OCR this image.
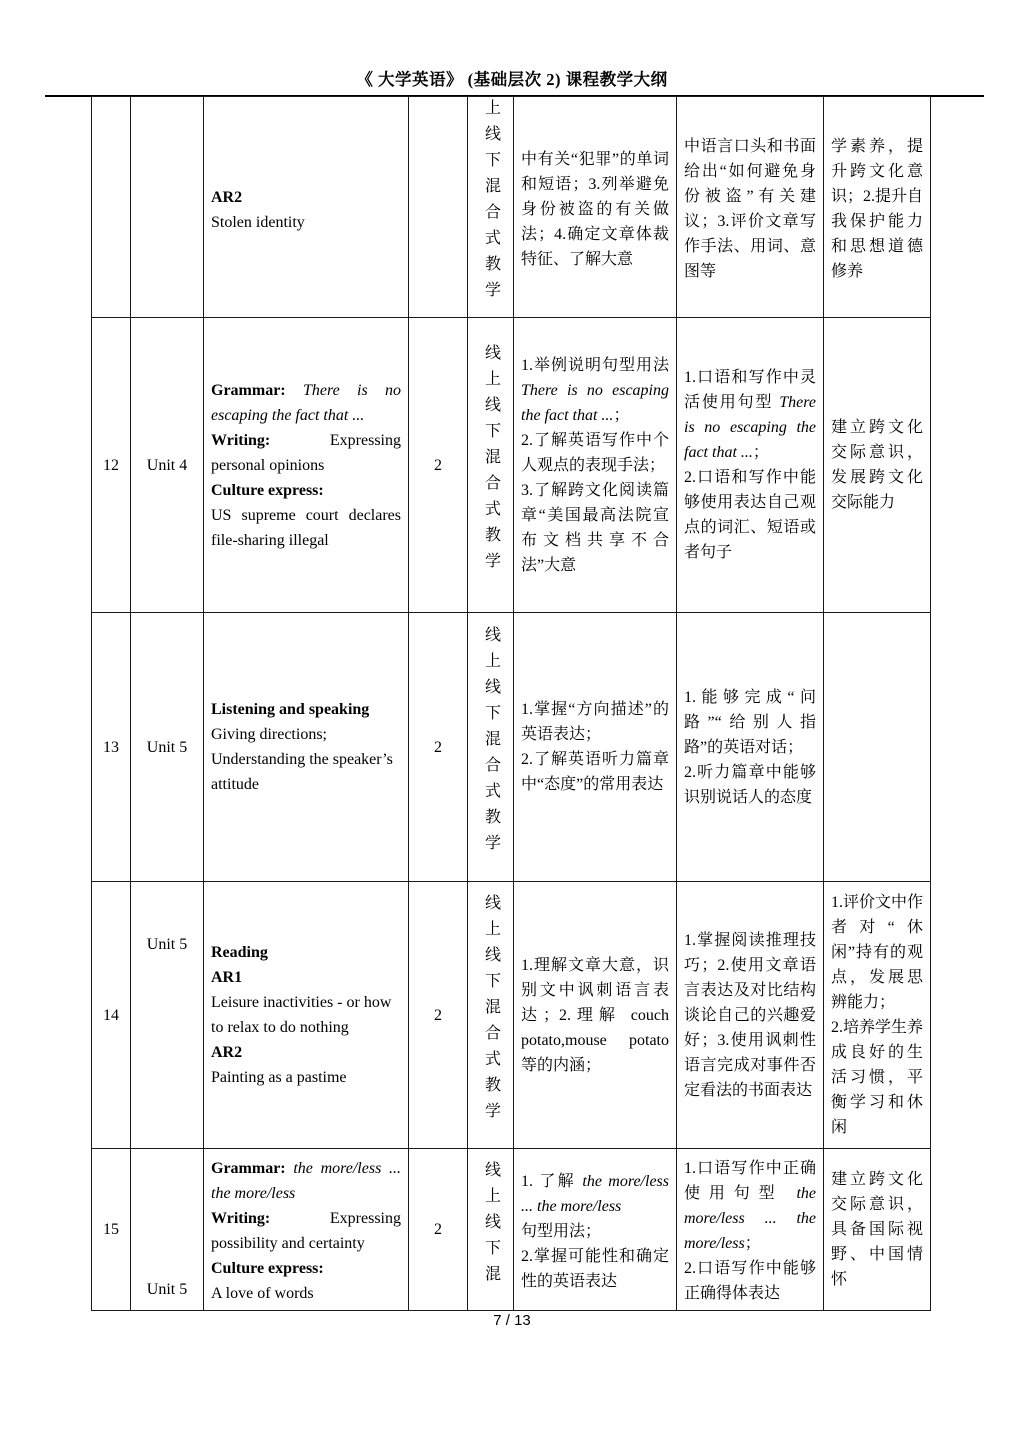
《 大学英语》 (基础层次 2) 课程教学大纲
		AR2
Stolen identity		上线下混合式教学	中有关“犯罪”的单词和短语；3.列举避免身份被盗的有关做法；4.确定文章体裁特征、了解大意	中语言口头和书面给出“如何避免身份被盗”有关建议；3.评价文章写作手法、用词、意图等	学素养，提升跨文化意识；2.提升自我保护能力和思想道德修养
12	Unit 4	Grammar: There is no escaping the fact that ...
Writing: Expressing personal opinions
Culture express:
US supreme court declares file-sharing illegal	2	线上线下混合式教学	1.举例说明句型用法 There is no escaping the fact that ...；
2.了解英语写作中个人观点的表现手法；
3.了解跨文化阅读篇章“美国最高法院宣布文档共享不合法”大意	1.口语和写作中灵活使用句型 There is no escaping the fact that ...；
2.口语和写作中能够使用表达自己观点的词汇、短语或者句子	建立跨文化交际意识，发展跨文化交际能力
13	Unit 5	Listening and speaking
Giving directions;
Understanding the speaker’s attitude	2	线上线下混合式教学	1.掌握“方向描述”的英语表达；
2.了解英语听力篇章中“态度”的常用表达	1.能够完成“问路”“给别人指路”的英语对话；
2.听力篇章中能够识别说话人的态度	
14	Unit 5	Reading
AR1
Leisure inactivities - or how to relax to do nothing
AR2
Painting as a pastime	2	线上线下混合式教学	1.理解文章大意，识别文中讽刺语言表达；2.理解 couch potato,mouse potato 等的内涵；	1.掌握阅读推理技巧；2.使用文章语言表达及对比结构谈论自己的兴趣爱好；3.使用讽刺性语言完成对事件否定看法的书面表达	1.评价文中作者对“休闲”持有的观点，发展思辨能力；
2.培养学生养成良好的生活习惯，平衡学习和休闲
15	Unit 5	Grammar: the more/less ... the more/less
Writing: Expressing possibility and certainty
Culture express:
A love of words	2	线上线下混	1. 了解 the more/less ... the more/less
句型用法；
2.掌握可能性和确定性的英语表达	1.口语写作中正确使用句型 the more/less ... the more/less；
2.口语写作中能够正确得体表达	建立跨文化交际意识，具备国际视野、中国情怀
7 / 13
